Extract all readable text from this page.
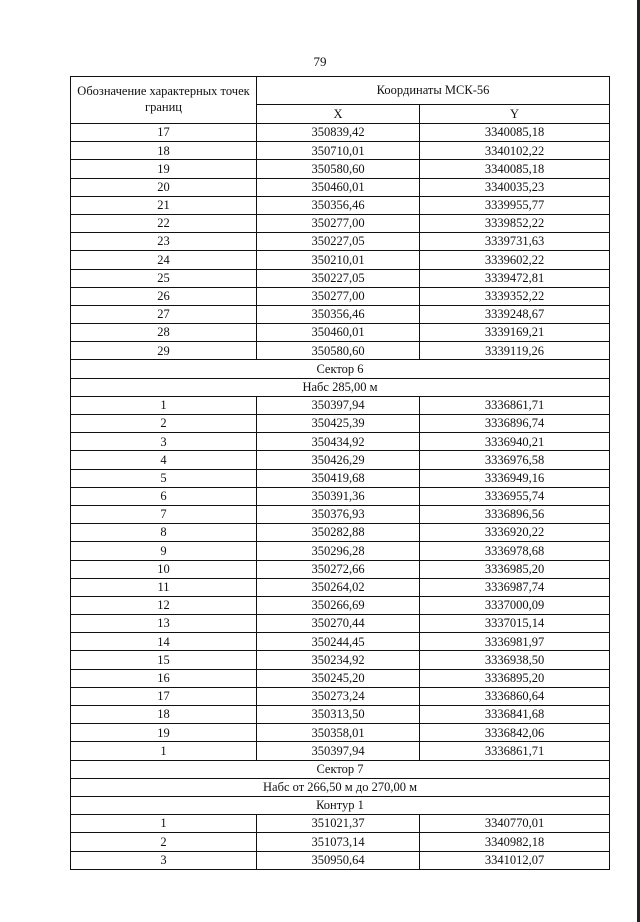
79
Обозначение характерных точек границ	Координаты МСК-56	
	X	Y
17	350839,42	3340085,18
18	350710,01	3340102,22
19	350580,60	3340085,18
20	350460,01	3340035,23
21	350356,46	3339955,77
22	350277,00	3339852,22
23	350227,05	3339731,63
24	350210,01	3339602,22
25	350227,05	3339472,81
26	350277,00	3339352,22
27	350356,46	3339248,67
28	350460,01	3339169,21
29	350580,60	3339119,26
Сектор 6		
Набс 285,00 м		
1	350397,94	3336861,71
2	350425,39	3336896,74
3	350434,92	3336940,21
4	350426,29	3336976,58
5	350419,68	3336949,16
6	350391,36	3336955,74
7	350376,93	3336896,56
8	350282,88	3336920,22
9	350296,28	3336978,68
10	350272,66	3336985,20
11	350264,02	3336987,74
12	350266,69	3337000,09
13	350270,44	3337015,14
14	350244,45	3336981,97
15	350234,92	3336938,50
16	350245,20	3336895,20
17	350273,24	3336860,64
18	350313,50	3336841,68
19	350358,01	3336842,06
1	350397,94	3336861,71
Сектор 7		
Набс от 266,50 м до 270,00 м		
Контур 1		
1	351021,37	3340770,01
2	351073,14	3340982,18
3	350950,64	3341012,07
